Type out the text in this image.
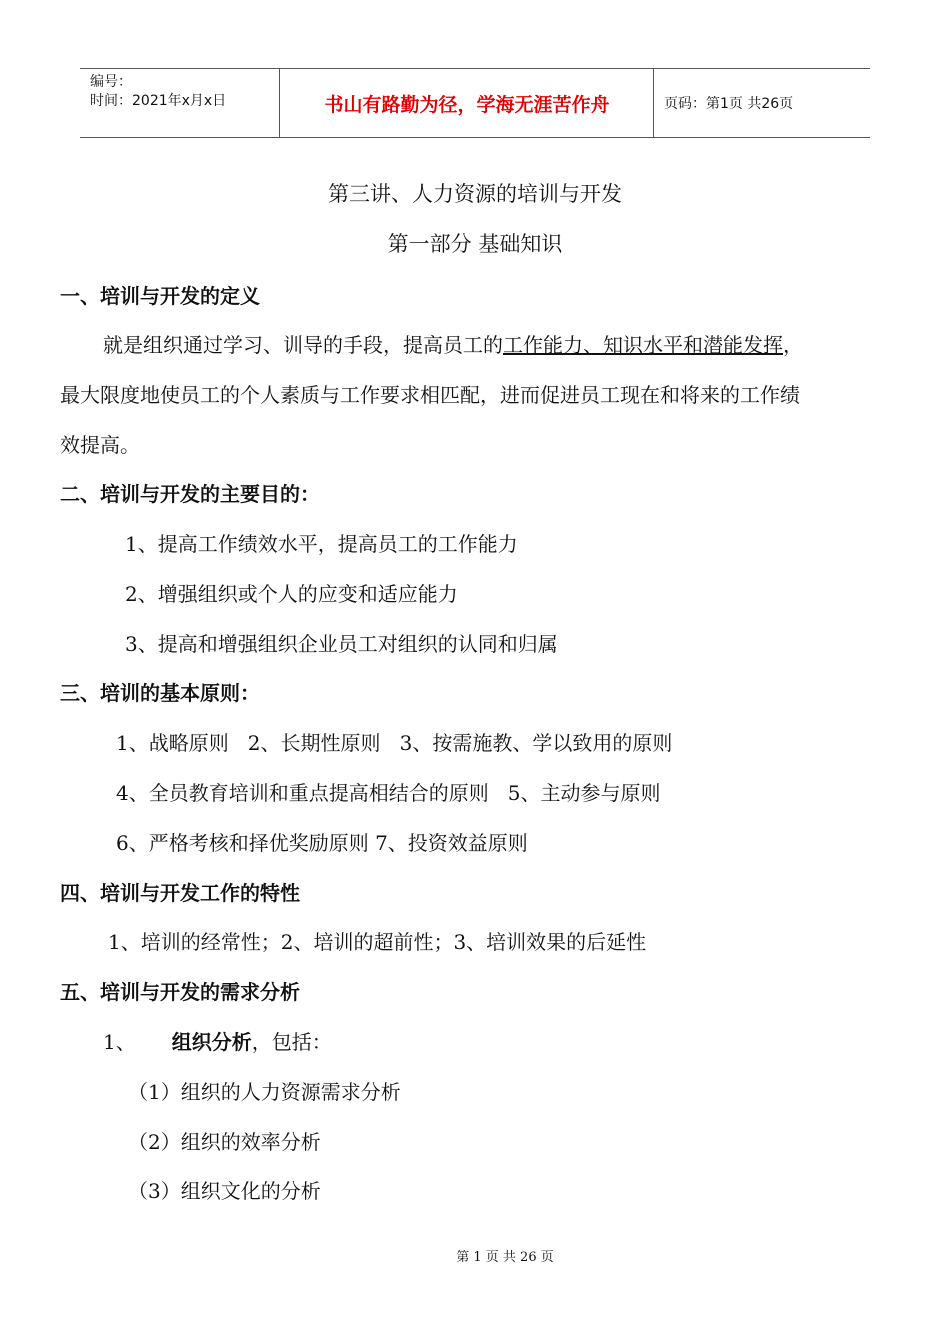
编号：
时间：2021年x月x日	书山有路勤为径，学海无涯苦作舟	页码：第1页 共26页
第三讲、人力资源的培训与开发
第一部分 基础知识
一、培训与开发的定义
就是组织通过学习、训导的手段，提高员工的工作能力、知识水平和潜能发挥，
最大限度地使员工的个人素质与工作要求相匹配，进而促进员工现在和将来的工作绩
效提高。
二、培训与开发的主要目的：
1、提高工作绩效水平，提高员工的工作能力
2、增强组织或个人的应变和适应能力
3、提高和增强组织企业员工对组织的认同和归属
三、培训的基本原则：
1、战略原则   2、长期性原则   3、按需施教、学以致用的原则
4、全员教育培训和重点提高相结合的原则   5、主动参与原则
6、严格考核和择优奖励原则 7、投资效益原则
四、培训与开发工作的特性
1、培训的经常性；2、培训的超前性；3、培训效果的后延性
五、培训与开发的需求分析
1、 组织分析，包括：
（1）组织的人力资源需求分析
（2）组织的效率分析
（3）组织文化的分析
第 1 页 共 26 页
